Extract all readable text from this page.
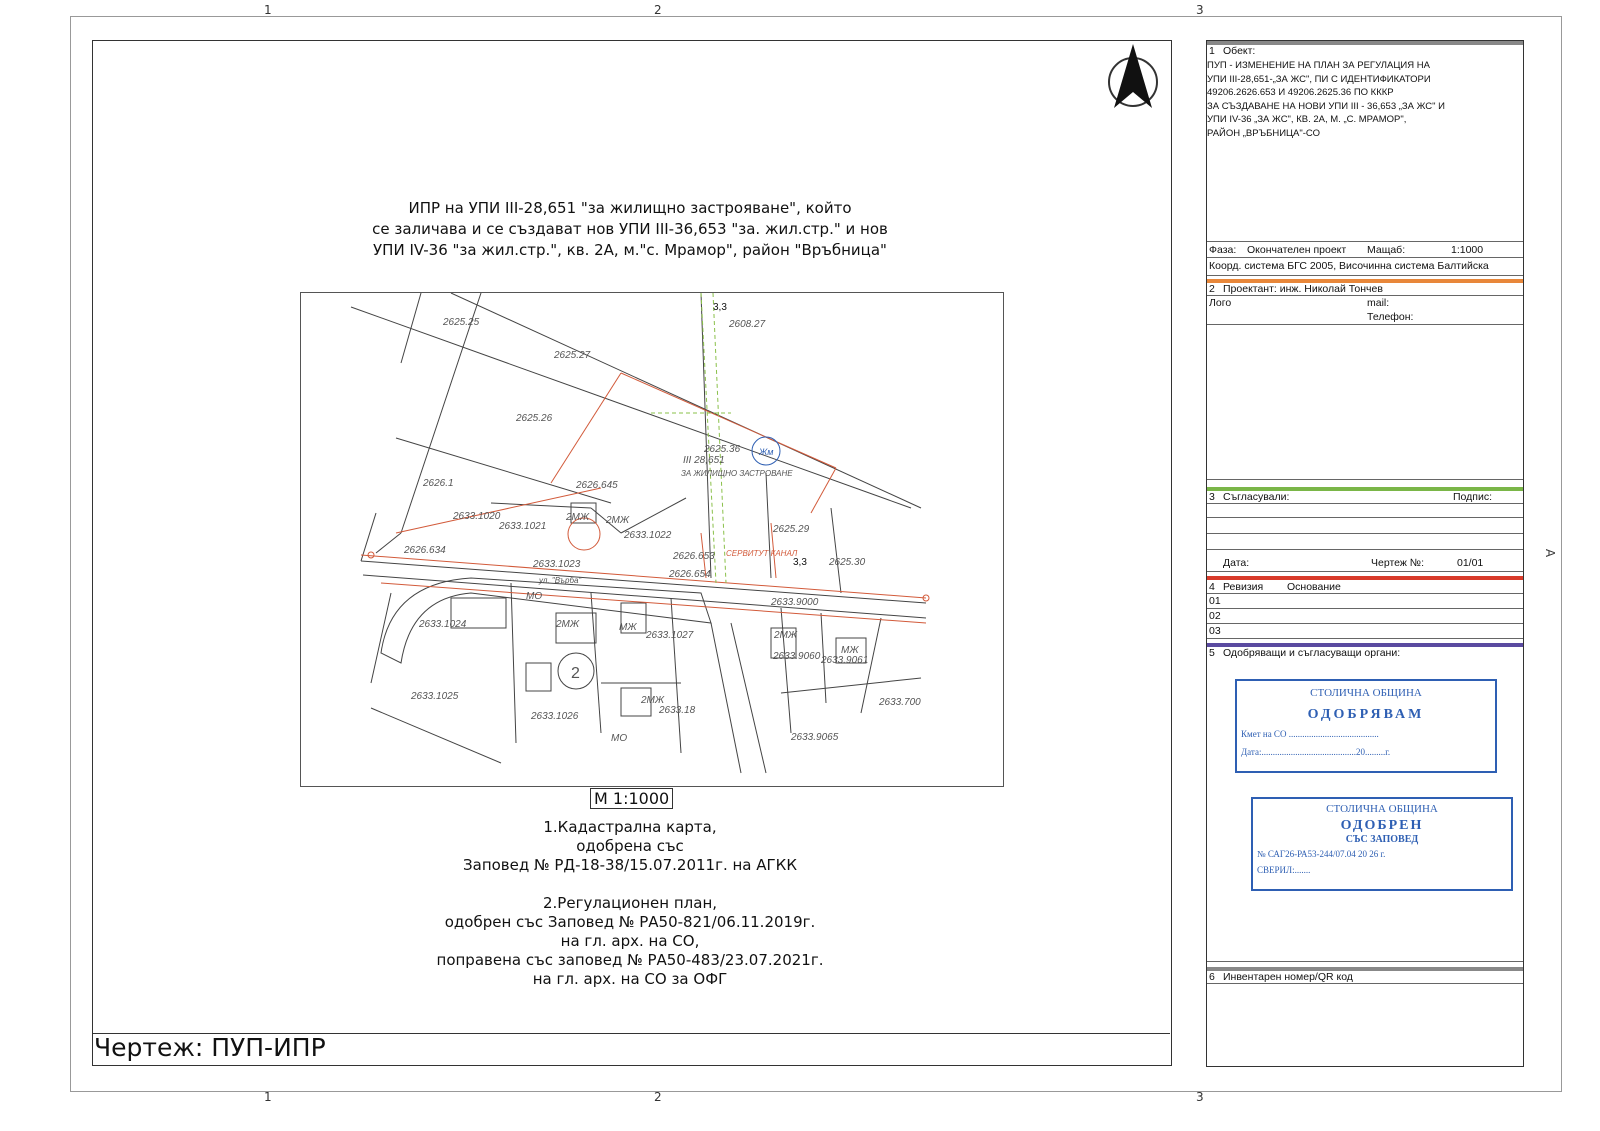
1	2	3
1	2	3
A
Чертеж: ПУП-ИПР
ИПР на УПИ III-28,651 "за жилищно застрояване", който
се заличава и се създават нов УПИ III-36,653 "за. жил.стр." и нов
УПИ IV-36 "за жил.стр.", кв. 2А, м."с. Мрамор", район "Връбница"
2625.25
2625.27
2625.26
2626.1
2608.27
2625.36
2625.29
2625.30
2633.1020
2633.1021
2633.1022
2626.645
2626.634
2626.653
2626.654
2633.1023
2633.1024
2633.1025
2633.1026
2633.1027
2633.18
2633.9000
2633.9060 2633.9061
2633.9065
2633.700
III 28,651
ЗА ЖИЛИЩНО ЗАСТРОВАНЕ
Жм
ул. "Върба"
СЕРВИТУТ КАНАЛ
3,3
3,3
2МЖ 2МЖ
2МЖ
2МЖ
2МЖ
МЖ
МЖ
МО
МО
2
М 1:1000
1.Кадастрална карта,
одобрена със
Заповед № РД-18-38/15.07.2011г. на АГКК
2.Регулационен план,
одобрен със Заповед № РА50-821/06.11.2019г.
на гл. арх. на СО,
поправена със заповед № РА50-483/23.07.2021г.
на гл. арх. на СО за ОФГ
1 Обект:
ПУП - ИЗМЕНЕНИЕ НА ПЛАН ЗА РЕГУЛАЦИЯ НА
УПИ III-28,651-„ЗА ЖС", ПИ С ИДЕНТИФИКАТОРИ
49206.2626.653 И 49206.2625.36 ПО КККР
ЗА СЪЗДАВАНЕ НА НОВИ УПИ III - 36,653 „ЗА ЖС" И
УПИ IV-36 „ЗА ЖС", КВ. 2А, М. „С. МРАМОР",
РАЙОН „ВРЪБНИЦА"-СО
Фаза: Окончателен проект Мащаб:	1:1000
Коорд. система БГС 2005, Височинна система Балтийска
2 Проектант: инж. Николай Тончев
Лого	mail:
Телефон:
3 Съгласували:	Подпис:
Дата:	Чертеж №:	01/01
4 Ревизия Основание
01
02
03
5 Одобряващи и съгласуващи органи:
СТОЛИЧНА ОБЩИНА
ОДОБРЯВАМ
Кмет на СО ........................................
Дата:..........................................20.........г.
СТОЛИЧНА ОБЩИНА
ОДОБРЕН
СЪС ЗАПОВЕД
№ САГ26-РА53-244/07.04 20 26 г.
СВЕРИЛ:.......
6 Инвентарен номер/QR код
